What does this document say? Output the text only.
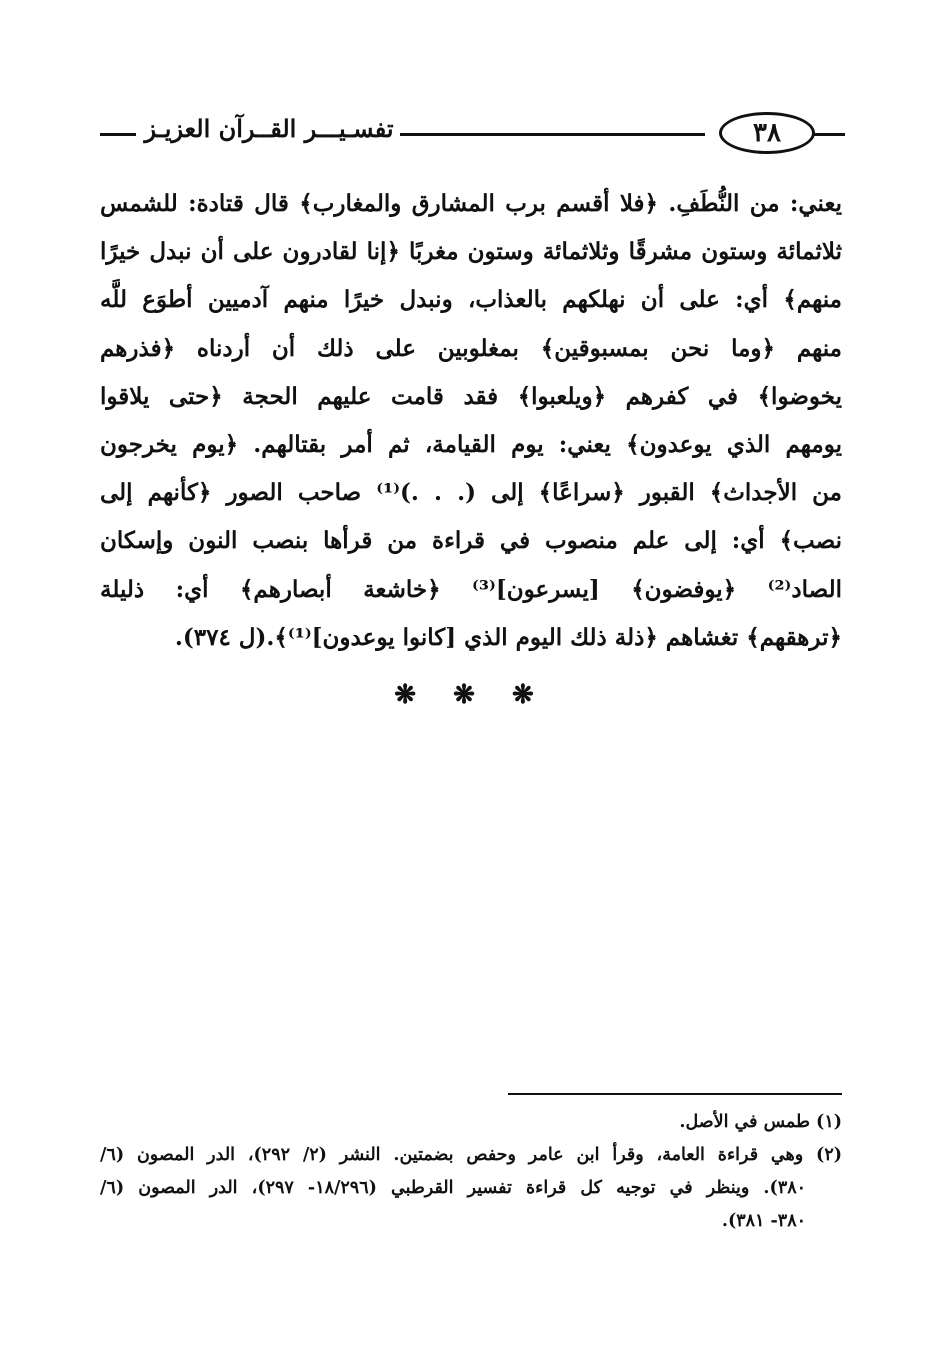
٣٨
تفسـيـــر القــرآن العزيـز
يعني: من النُّطَفِ. ﴿فلا أقسم برب المشارق والمغارب﴾ قال قتادة: للشمس
ثلاثمائة وستون مشرقًا وثلاثمائة وستون مغربًا ﴿إنا لقادرون على أن نبدل خيرًا
منهم﴾ أي: على أن نهلكهم بالعذاب، ونبدل خيرًا منهم آدميين أطوَع للَّه
منهم ﴿وما نحن بمسبوقين﴾ بمغلوبين على ذلك أن أردناه ﴿فذرهم
يخوضوا﴾ في كفرهم ﴿ويلعبوا﴾ فقد قامت عليهم الحجة ﴿حتى يلاقوا
يومهم الذي يوعدون﴾ يعني: يوم القيامة، ثم أمر بقتالهم. ﴿يوم يخرجون
من الأجداث﴾ القبور ﴿سراعًا﴾ إلى (. . .)⁽¹⁾ صاحب الصور ﴿كأنهم إلى
نصب﴾ أي: إلى علم منصوب في قراءة من قرأها بنصب النون وإسكان
الصاد⁽²⁾ ﴿يوفضون﴾ [يسرعون]⁽³⁾ ﴿خاشعة أبصارهم﴾ أي: ذليلة
﴿ترهقهم﴾ تغشاهم ﴿ذلة ذلك اليوم الذي [كانوا يوعدون]⁽¹⁾﴾.(ل ٣٧٤).
❋ ❋ ❋
(١) طمس في الأصل.
(٢) وهي قراءة العامة، وقرأ ابن عامر وحفص بضمتين. النشر (٢/ ٢٩٢)، الدر المصون (٦/
٣٨٠). وينظر في توجيه كل قراءة تفسير القرطبي (١٨/٢٩٦- ٢٩٧)، الدر المصون (٦/
٣٨٠- ٣٨١).
